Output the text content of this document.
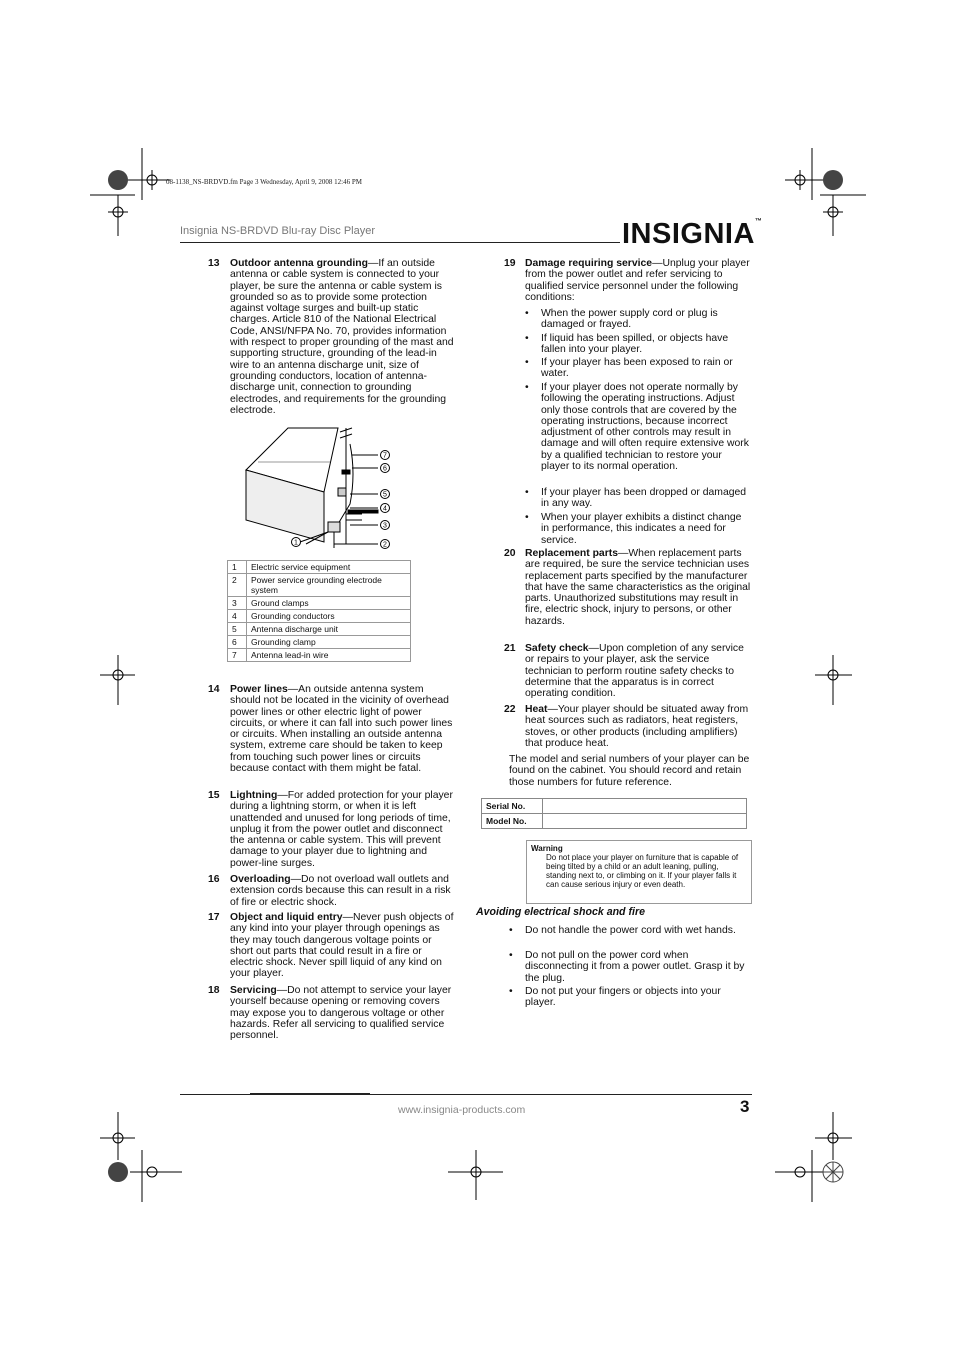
08-1138_NS-BRDVD.fm Page 3 Wednesday, April 9, 2008 12:46 PM
Insignia NS-BRDVD Blu-ray Disc Player	INSIGNIA™
13	Outdoor antenna grounding—If an outside antenna or cable system is connected to your player, be sure the antenna or cable system is grounded so as to provide some protection against voltage surges and built-up static charges. Article 810 of the National Electrical Code, ANSI/NFPA No. 70, provides information with respect to proper grounding of the mast and supporting structure, grounding of the lead-in wire to an antenna discharge unit, size of grounding conductors, location of antenna-discharge unit, connection to grounding electrodes, and requirements for the grounding electrode.
7
6
5
4
3
1	2
1	Electric service equipment
2	Power service grounding electrode system
3	Ground clamps
4	Grounding conductors
5	Antenna discharge unit
6	Grounding clamp
7	Antenna lead-in wire
14	Power lines—An outside antenna system should not be located in the vicinity of overhead power lines or other electric light of power circuits, or where it can fall into such power lines or circuits. When installing an outside antenna system, extreme care should be taken to keep from touching such power lines or circuits because contact with them might be fatal.
15	Lightning—For added protection for your player during a lightning storm, or when it is left unattended and unused for long periods of time, unplug it from the power outlet and disconnect the antenna or cable system. This will prevent damage to your player due to lightning and power-line surges.
16	Overloading—Do not overload wall outlets and extension cords because this can result in a risk of fire or electric shock.
17	Object and liquid entry—Never push objects of any kind into your player through openings as they may touch dangerous voltage points or short out parts that could result in a fire or electric shock. Never spill liquid of any kind on your player.
18	Servicing—Do not attempt to service your layer yourself because opening or removing covers may expose you to dangerous voltage or other hazards. Refer all servicing to qualified service personnel.
19 Damage requiring service—Unplug your player from the power outlet and refer servicing to qualified service personnel under the following conditions:
• When the power supply cord or plug is damaged or frayed.
• If liquid has been spilled, or objects have fallen into your player.
• If your player has been exposed to rain or water.
• If your player does not operate normally by following the operating instructions. Adjust only those controls that are covered by the operating instructions, because incorrect adjustment of other controls may result in damage and will often require extensive work by a qualified technician to restore your player to its normal operation.
• If your player has been dropped or damaged in any way.
• When your player exhibits a distinct change in performance, this indicates a need for service.
20 Replacement parts—When replacement parts are required, be sure the service technician uses replacement parts specified by the manufacturer that have the same characteristics as the original parts. Unauthorized substitutions may result in fire, electric shock, injury to persons, or other hazards.
21 Safety check—Upon completion of any service or repairs to your player, ask the service technician to perform routine safety checks to determine that the apparatus is in correct operating condition.
22 Heat—Your player should be situated away from heat sources such as radiators, heat registers, stoves, or other products (including amplifiers) that produce heat.
The model and serial numbers of your player can be found on the cabinet. You should record and retain those numbers for future reference.
Serial No.	
Model No.	
Warning
Do not place your player on furniture that is capable of being tilted by a child or an adult leaning, pulling, standing next to, or climbing on it. If your player falls it can cause serious injury or even death.
Avoiding electrical shock and fire
• Do not handle the power cord with wet hands.
• Do not pull on the power cord when disconnecting it from a power outlet. Grasp it by the plug.
• Do not put your fingers or objects into your player.
www.insignia-products.com	3
